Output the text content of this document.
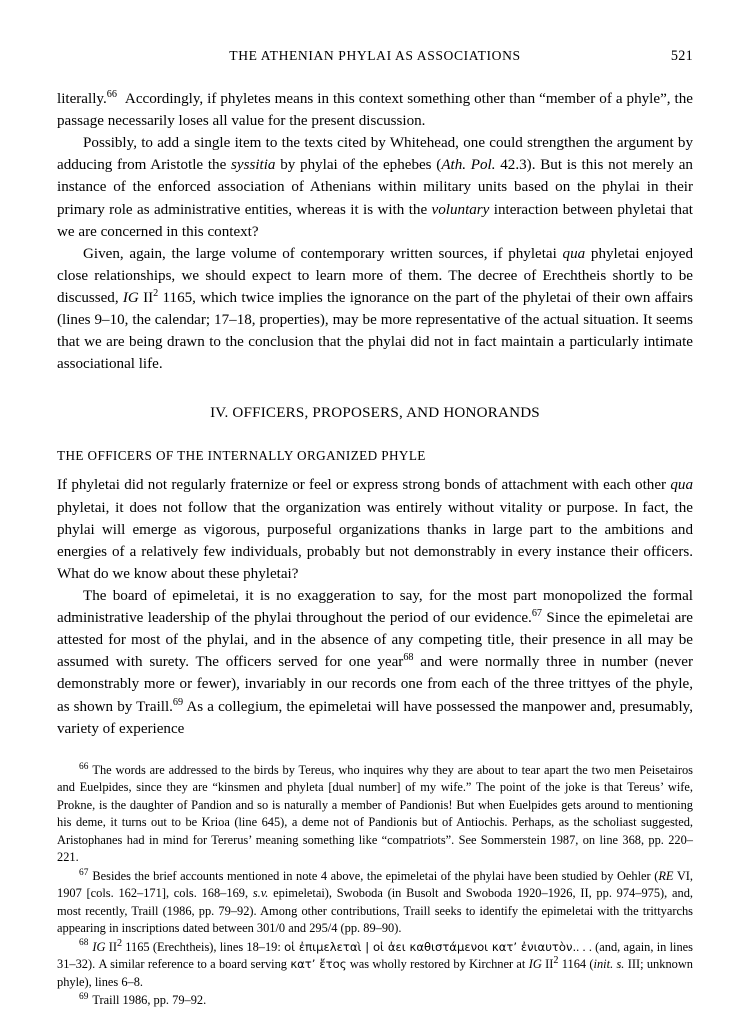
THE ATHENIAN PHYLAI AS ASSOCIATIONS	521

literally.$^{66}$  Accordingly, if phyletes means in this context something other than “member of a phyle”, the passage necessarily loses all value for the present discussion.

Possibly, to add a single item to the texts cited by Whitehead, one could strengthen the argument by adducing from Aristotle the syssitia by phylai of the ephebes (Ath. Pol. 42.3). But is this not merely an instance of the enforced association of Athenians within military units based on the phylai in their primary role as administrative entities, whereas it is with the voluntary interaction between phyletai that we are concerned in this context?

Given, again, the large volume of contemporary written sources, if phyletai qua phyletai enjoyed close relationships, we should expect to learn more of them. The decree of Erechtheis shortly to be discussed, IG II$^2$ 1165, which twice implies the ignorance on the part of the phyletai of their own affairs (lines 9–10, the calendar; 17–18, properties), may be more representative of the actual situation. It seems that we are being drawn to the conclusion that the phylai did not in fact maintain a particularly intimate associational life.

IV. OFFICERS, PROPOSERS, AND HONORANDS
THE OFFICERS OF THE INTERNALLY ORGANIZED PHYLE

If phyletai did not regularly fraternize or feel or express strong bonds of attachment with each other qua phyletai, it does not follow that the organization was entirely without vitality or purpose. In fact, the phylai will emerge as vigorous, purposeful organizations thanks in large part to the ambitions and energies of a relatively few individuals, probably but not demonstrably in every instance their officers. What do we know about these phyletai?

The board of epimeletai, it is no exaggeration to say, for the most part monopolized the formal administrative leadership of the phylai throughout the period of our evidence.$^{67}$ Since the epimeletai are attested for most of the phylai, and in the absence of any competing title, their presence in all may be assumed with surety. The officers served for one year$^{68}$ and were normally three in number (never demonstrably more or fewer), invariably in our records one from each of the three trittyes of the phyle, as shown by Traill.$^{69}$ As a collegium, the epimeletai will have possessed the manpower and, presumably, variety of experience

$^{66}$ The words are addressed to the birds by Tereus, who inquires why they are about to tear apart the two men Peisetairos and Euelpides, since they are “kinsmen and phyleta [dual number] of my wife.” The point of the joke is that Tereus’ wife, Prokne, is the daughter of Pandion and so is naturally a member of Pandionis! But when Euelpides gets around to mentioning his deme, it turns out to be Krioa (line 645), a deme not of Pandionis but of Antiochis. Perhaps, as the scholiast suggested, Aristophanes had in mind for Tererus’ meaning something like “compatriots”. See Sommerstein 1987, on line 368, pp. 220–221.

$^{67}$ Besides the brief accounts mentioned in note 4 above, the epimeletai of the phylai have been studied by Oehler (RE VI, 1907 [cols. 162–171], cols. 168–169, s.v. epimeletai), Swoboda (in Busolt and Swoboda 1920–1926, II, pp. 974–975), and, most recently, Traill (1986, pp. 79–92). Among other contributions, Traill seeks to identify the epimeletai with the trittyarchs appearing in inscriptions dated between 301/0 and 295/4 (pp. 89–90).

$^{68}$ IG II$^2$ 1165 (Erechtheis), lines 18–19: οἱ ἐπιμελεταὶ | οἱ ἀει καθιστάμενοι κατ’ ἐνιαυτὸν.. . . (and, again, in lines 31–32). A similar reference to a board serving κατ’ ἔτος was wholly restored by Kirchner at IG II$^2$ 1164 (init. s. III; unknown phyle), lines 6–8.

$^{69}$ Traill 1986, pp. 79–92.
